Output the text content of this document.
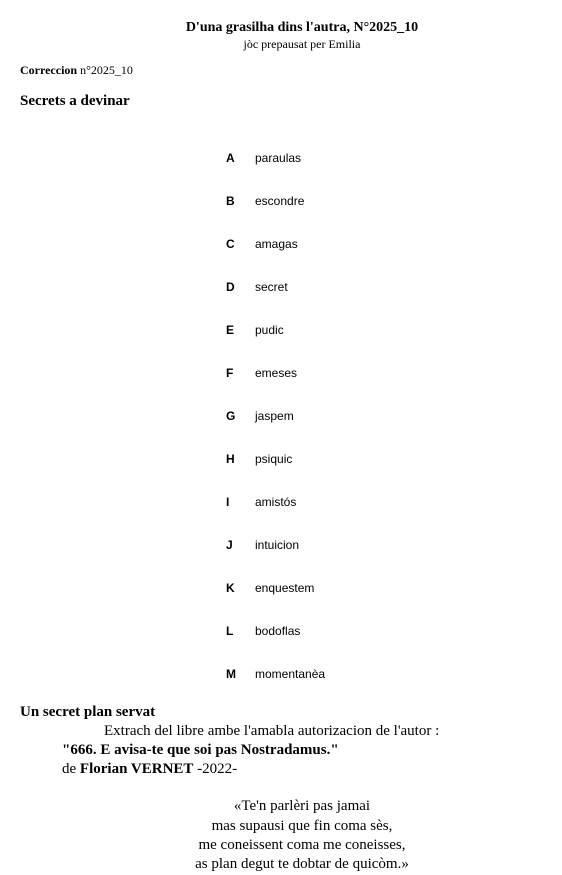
D'una grasilha dins l'autra, N°2025_10
jòc prepausat per Emilia
Correccion n°2025_10
Secrets a devinar
A paraulas
B escondre
C amagas
D secret
E pudic
F emeses
G jaspem
H psiquic
I amistós
J intuicion
K enquestem
L bodoflas
M momentanèa
Un secret plan servat
Extrach del libre ambe l'amabla autorizacion de l'autor :
"666. E avisa-te que soi pas Nostradamus."
de Florian VERNET -2022-
«Te'n parlèri pas jamai
mas supausi que fin coma sès,
me coneissent coma me coneisses,
as plan degut te dobtar de quicòm.»
